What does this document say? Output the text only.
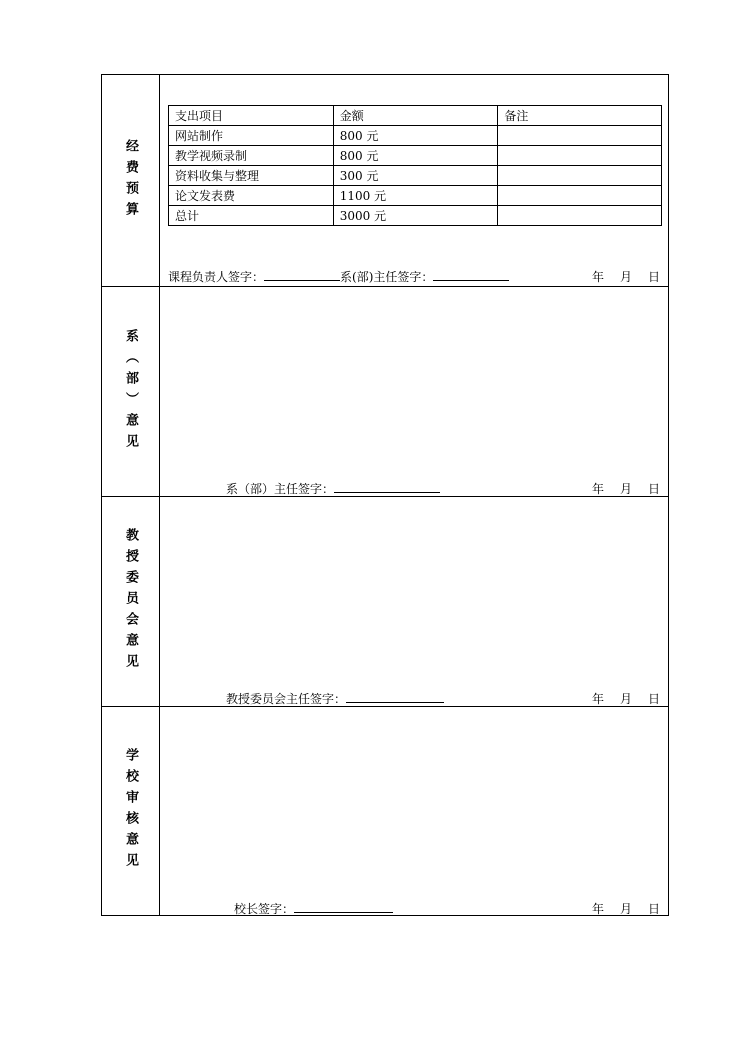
经费预算
支出项目	金额	备注
网站制作	800 元	
教学视频录制	800 元	
资料收集与整理	300 元	
论文发表费	1100 元	
总计	3000 元	
课程负责人签字：	系(部)主任签字：	年 月 日
系（部）意见
系（部）主任签字：	年 月 日
教授委员会意见
教授委员会主任签字：	年 月 日
学校审核意见
校长签字：	年 月 日
